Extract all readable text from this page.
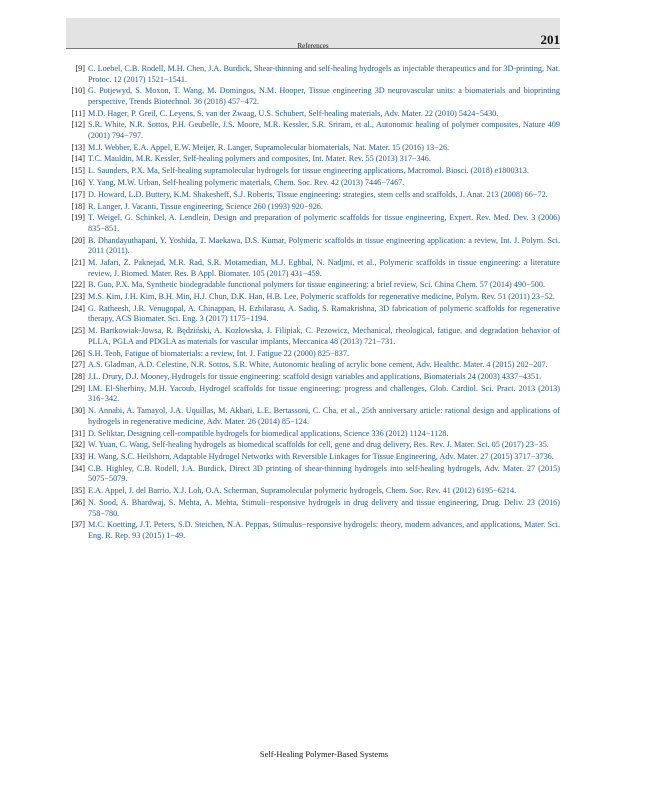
References	201
[9] C. Loebel, C.B. Rodell, M.H. Chen, J.A. Burdick, Shear-thinning and self-healing hydrogels as injectable therapeutics and for 3D-printing, Nat. Protoc. 12 (2017) 1521−1541.
[10] G. Potjewyd, S. Moxon, T. Wang, M. Domingos, N.M. Hooper, Tissue engineering 3D neurovascular units: a biomaterials and bioprinting perspective, Trends Biotechnol. 36 (2018) 457−472.
[11] M.D. Hager, P. Greil, C. Leyens, S. van der Zwaag, U.S. Schubert, Self-healing materials, Adv. Mater. 22 (2010) 5424−5430.
[12] S.R. White, N.R. Sottos, P.H. Geubelle, J.S. Moore, M.R. Kessler, S.R. Sriram, et al., Autonomic healing of polymer composites, Nature 409 (2001) 794−797.
[13] M.J. Webber, E.A. Appel, E.W. Meijer, R. Langer, Supramolecular biomaterials, Nat. Mater. 15 (2016) 13−26.
[14] T.C. Mauldin, M.R. Kessler, Self-healing polymers and composites, Int. Mater. Rev. 55 (2013) 317−346.
[15] L. Saunders, P.X. Ma, Self-healing supramolecular hydrogels for tissue engineering applications, Macromol. Biosci. (2018) e1800313.
[16] Y. Yang, M.W. Urban, Self-healing polymeric materials, Chem. Soc. Rev. 42 (2013) 7446−7467.
[17] D. Howard, L.D. Buttery, K.M. Shakesheff, S.J. Roberts, Tissue engineering: strategies, stem cells and scaffolds, J. Anat. 213 (2008) 66−72.
[18] R. Langer, J. Vacanti, Tissue engineering, Science 260 (1993) 920−926.
[19] T. Weigel, G. Schinkel, A. Lendlein, Design and preparation of polymeric scaffolds for tissue engineering, Expert. Rev. Med. Dev. 3 (2006) 835−851.
[20] B. Dhandayuthapani, Y. Yoshida, T. Maekawa, D.S. Kumar, Polymeric scaffolds in tissue engineering application: a review, Int. J. Polym. Sci. 2011 (2011).
[21] M. Jafari, Z. Paknejad, M.R. Rad, S.R. Motamedian, M.J. Eghbal, N. Nadjmi, et al., Polymeric scaffolds in tissue engineering: a literature review, J. Biomed. Mater. Res. B Appl. Biomater. 105 (2017) 431−459.
[22] B. Guo, P.X. Ma, Synthetic biodegradable functional polymers for tissue engineering: a brief review, Sci. China Chem. 57 (2014) 490−500.
[23] M.S. Kim, J.H. Kim, B.H. Min, H.J. Chun, D.K. Han, H.B. Lee, Polymeric scaffolds for regenerative medicine, Polym. Rev. 51 (2011) 23−52.
[24] G. Ratheesh, J.R. Venugopal, A. Chinappan, H. Ezhilarasu, A. Sadiq, S. Ramakrishna, 3D fabrication of polymeric scaffolds for regenerative therapy, ACS Biomater. Sci. Eng. 3 (2017) 1175−1194.
[25] M. Bartkowiak-Jowsa, R. Będziński, A. Kozłowska, J. Filipiak, C. Pezowicz, Mechanical, rheological, fatigue, and degradation behavior of PLLA, PGLA and PDGLA as materials for vascular implants, Meccanica 48 (2013) 721−731.
[26] S.H. Teoh, Fatigue of biomaterials: a review, Int. J. Fatigue 22 (2000) 825−837.
[27] A.S. Gladman, A.D. Celestine, N.R. Sottos, S.R. White, Autonomic healing of acrylic bone cement, Adv. Healthc. Mater. 4 (2015) 202−207.
[28] J.L. Drury, D.J. Mooney, Hydrogels for tissue engineering: scaffold design variables and applications, Biomaterials 24 (2003) 4337−4351.
[29] I.M. El-Sherbiny, M.H. Yacoub, Hydrogel scaffolds for tissue engineering: progress and challenges, Glob. Cardiol. Sci. Pract. 2013 (2013) 316−342.
[30] N. Annabi, A. Tamayol, J.A. Uquillas, M. Akbari, L.E. Bertassoni, C. Cha, et al., 25th anniversary article: rational design and applications of hydrogels in regenerative medicine, Adv. Mater. 26 (2014) 85−124.
[31] D. Seliktar, Designing cell-compatible hydrogels for biomedical applications, Science 336 (2012) 1124−1128.
[32] W. Yuan, C. Wang, Self-healing hydrogels as biomedical scaffolds for cell, gene and drug delivery, Res. Rev. J. Mater. Sci. 05 (2017) 23−35.
[33] H. Wang, S.C. Heilshorn, Adaptable Hydrogel Networks with Reversible Linkages for Tissue Engineering, Adv. Mater. 27 (2015) 3717−3736.
[34] C.B. Highley, C.B. Rodell, J.A. Burdick, Direct 3D printing of shear-thinning hydrogels into self-healing hydrogels, Adv. Mater. 27 (2015) 5075−5079.
[35] E.A. Appel, J. del Barrio, X.J. Loh, O.A. Scherman, Supramolecular polymeric hydrogels, Chem. Soc. Rev. 41 (2012) 6195−6214.
[36] N. Sood, A. Bhardwaj, S. Mehta, A. Mehta, Stimuli−responsive hydrogels in drug delivery and tissue engineering, Drug. Deliv. 23 (2016) 758−780.
[37] M.C. Koetting, J.T. Peters, S.D. Steichen, N.A. Peppas, Stimulus−responsive hydrogels: theory, modern advances, and applications, Mater. Sci. Eng. R. Rep. 93 (2015) 1−49.
Self-Healing Polymer-Based Systems
